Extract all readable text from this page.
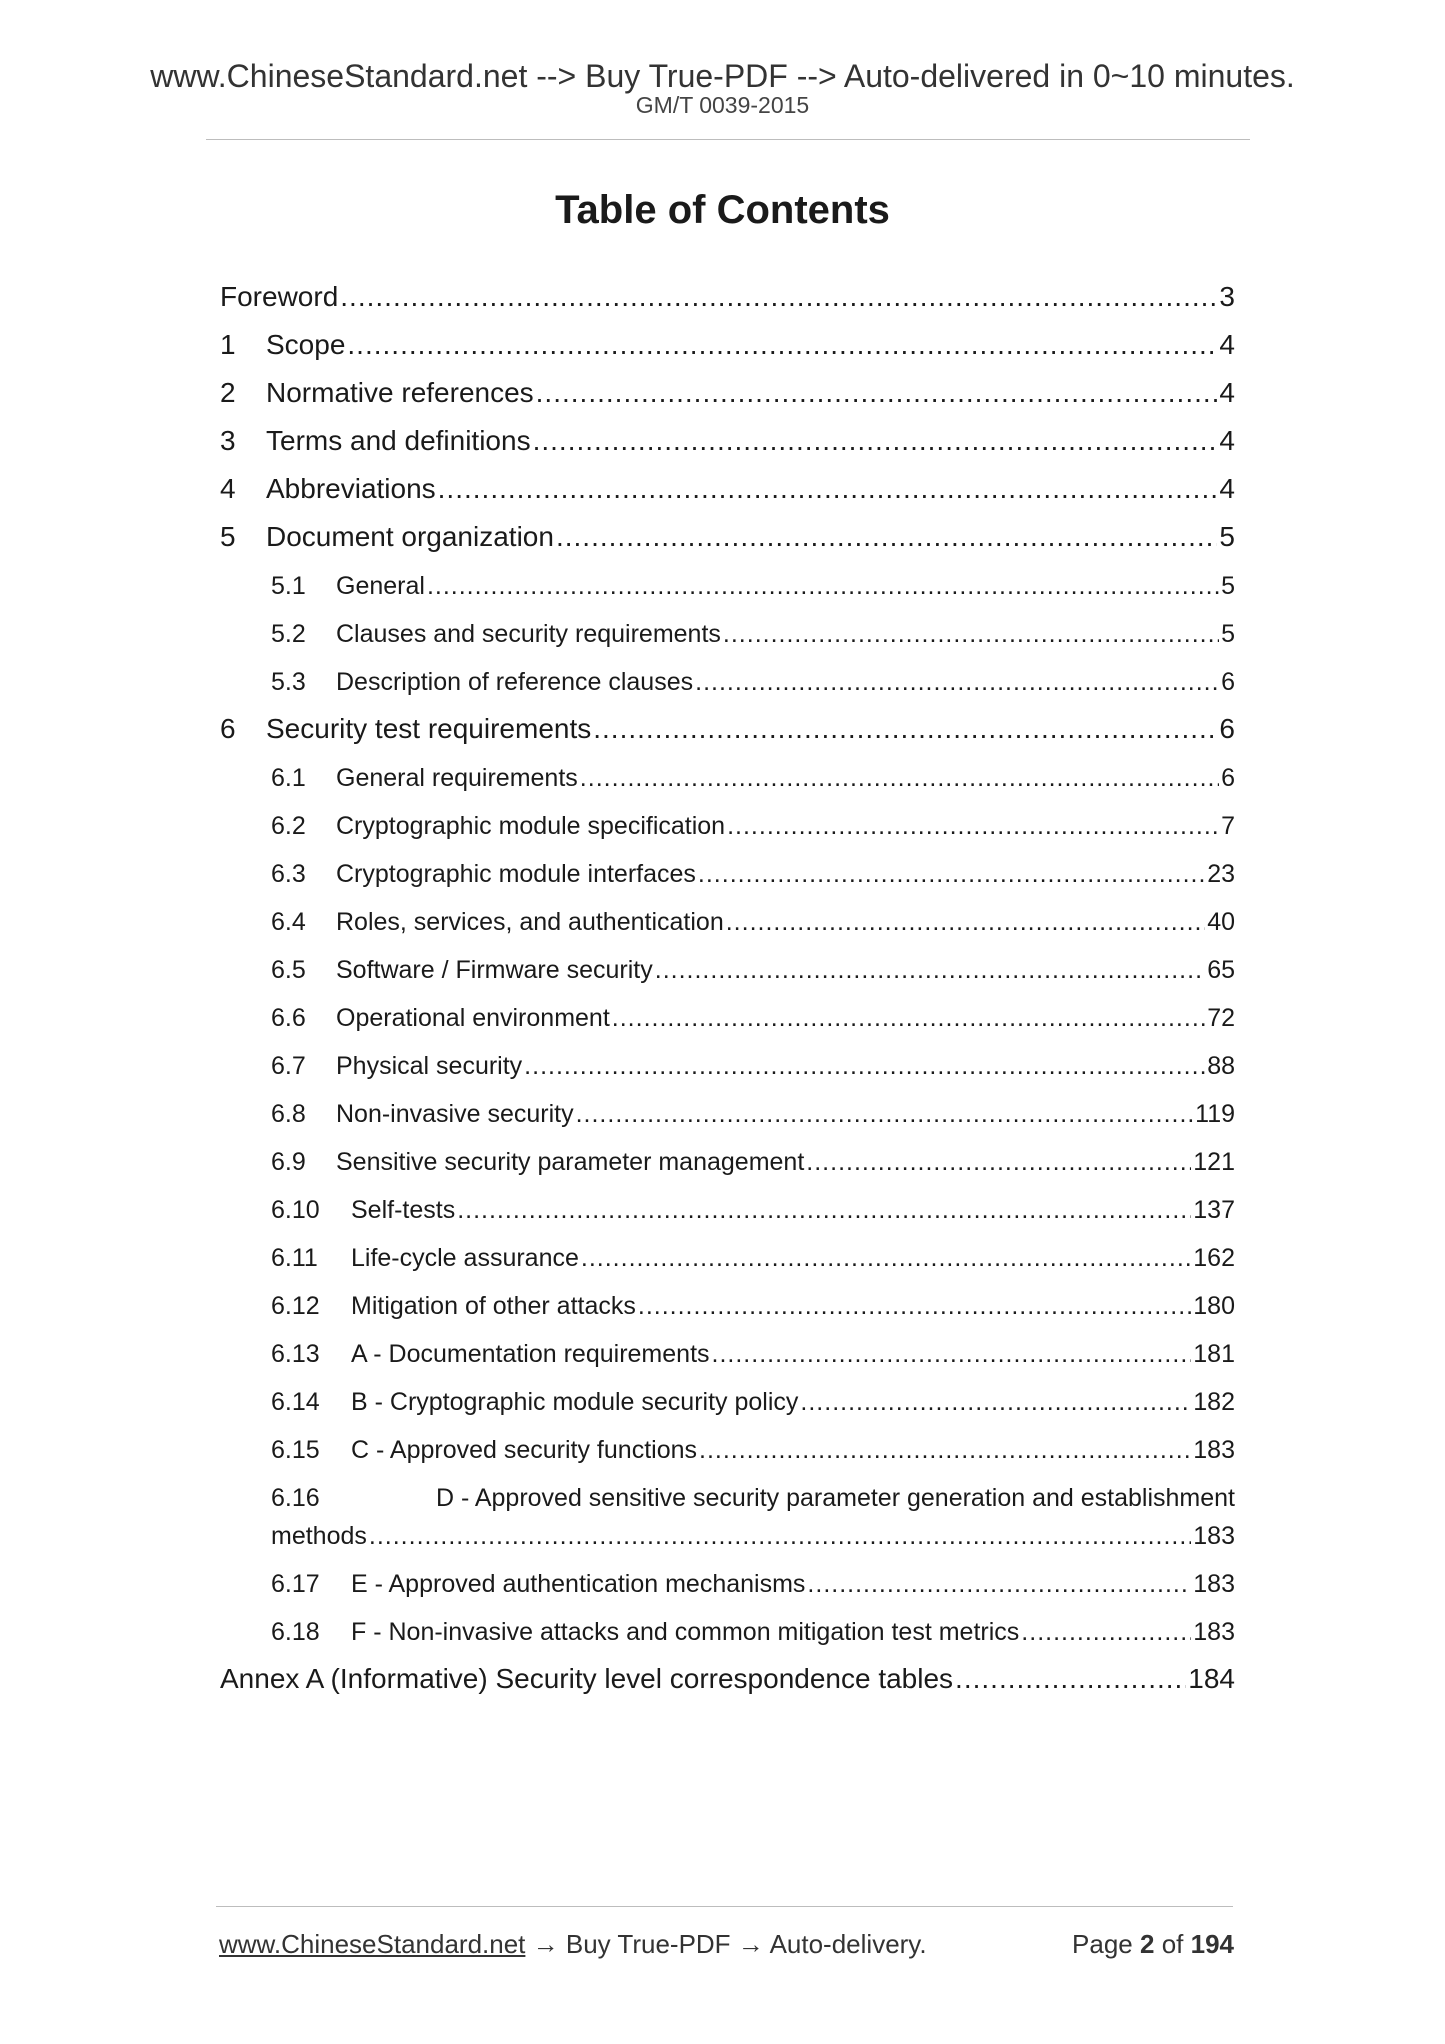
www.ChineseStandard.net --> Buy True-PDF --> Auto-delivered in 0~10 minutes.
GM/T 0039-2015
Table of Contents
Foreword .....	3
1	Scope .....	4
2	Normative references .....	4
3	Terms and definitions .....	4
4	Abbreviations .....	4
5	Document organization .....	5
5.1	General .....	5
5.2	Clauses and security requirements .....	5
5.3	Description of reference clauses .....	6
6	Security test requirements .....	6
6.1	General requirements .....	6
6.2	Cryptographic module specification .....	7
6.3	Cryptographic module interfaces .....	23
6.4	Roles, services, and authentication .....	40
6.5	Software / Firmware security .....	65
6.6	Operational environment .....	72
6.7	Physical security .....	88
6.8	Non-invasive security .....	119
6.9	Sensitive security parameter management .....	121
6.10	Self-tests .....	137
6.11	Life-cycle assurance .....	162
6.12	Mitigation of other attacks .....	180
6.13	A - Documentation requirements .....	181
6.14	B - Cryptographic module security policy .....	182
6.15	C - Approved security functions .....	183
6.16	D - Approved sensitive security parameter generation and establishment
methods .....	183
6.17	E - Approved authentication mechanisms .....	183
6.18	F - Non-invasive attacks and common mitigation test metrics .....	183
Annex A (Informative) Security level correspondence tables .....	184
www.ChineseStandard.net → Buy True-PDF → Auto-delivery.	Page 2 of 194
